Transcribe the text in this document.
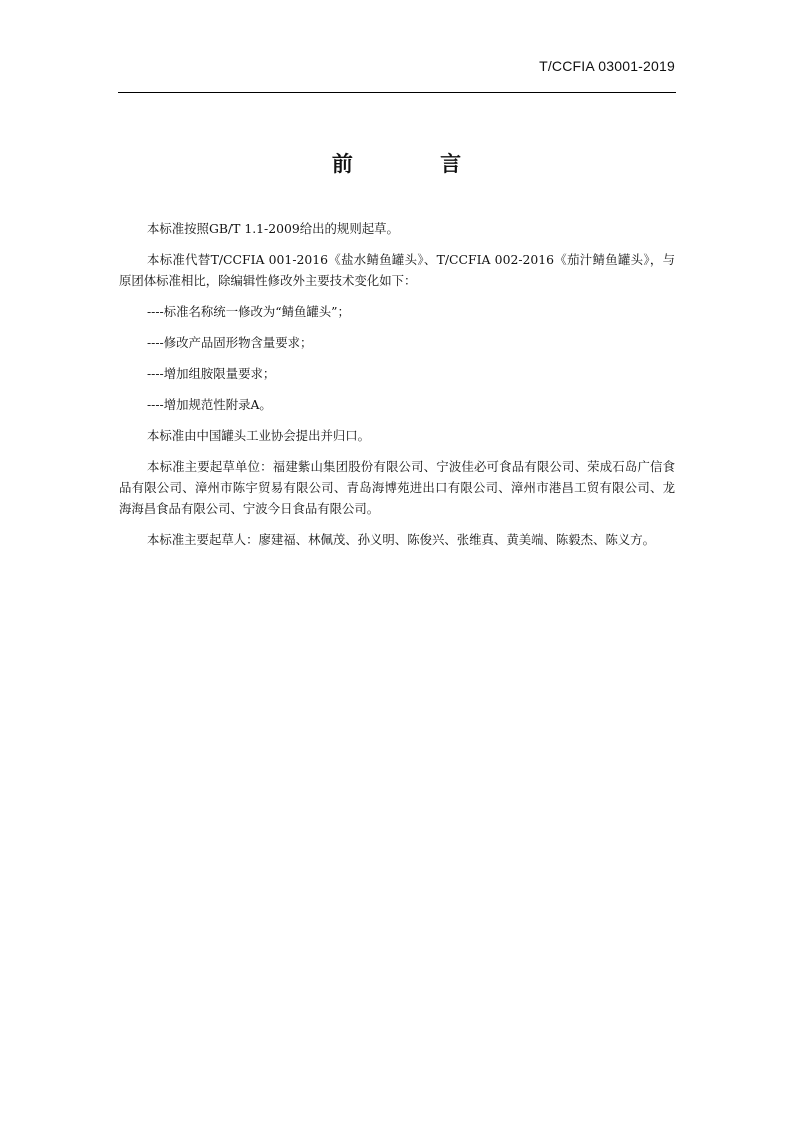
T/CCFIA 03001-2019
前 言

本标准按照GB/T 1.1-2009给出的规则起草。

本标准代替T/CCFIA 001-2016《盐水鲭鱼罐头》、T/CCFIA 002-2016《茄汁鲭鱼罐头》，与原团体标准相比，除编辑性修改外主要技术变化如下：

----标准名称统一修改为“鲭鱼罐头”；

----修改产品固形物含量要求；

----增加组胺限量要求；

----增加规范性附录A。

本标准由中国罐头工业协会提出并归口。

本标准主要起草单位：福建紫山集团股份有限公司、宁波佳必可食品有限公司、荣成石岛广信食品有限公司、漳州市陈宇贸易有限公司、青岛海博苑进出口有限公司、漳州市港昌工贸有限公司、龙海海昌食品有限公司、宁波今日食品有限公司。

本标准主要起草人：廖建福、林佩茂、孙义明、陈俊兴、张维真、黄美端、陈毅杰、陈义方。
